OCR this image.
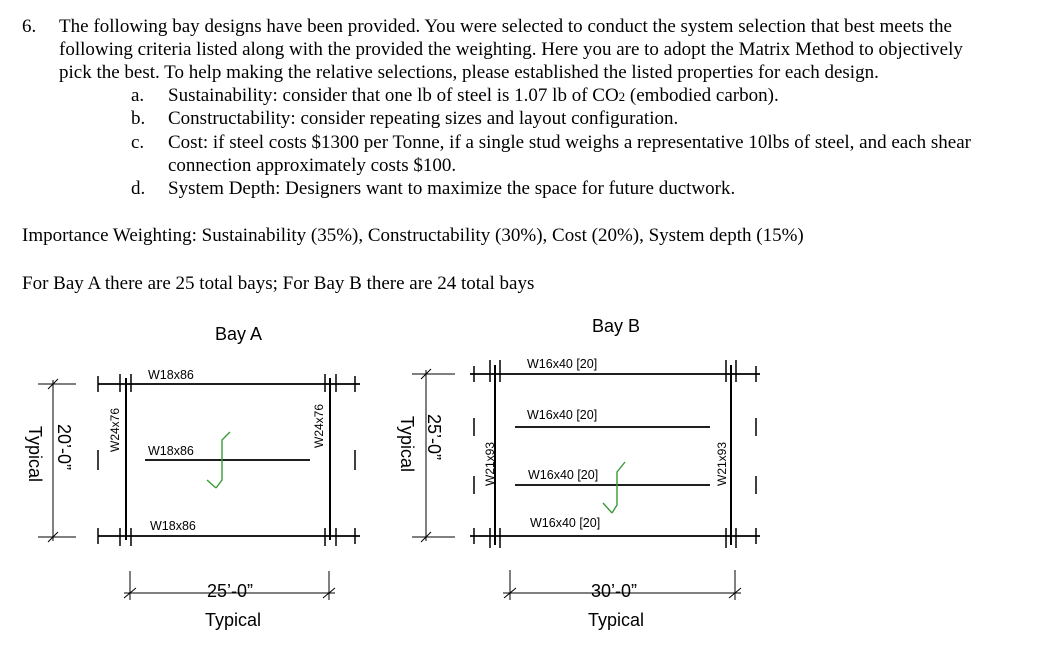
6. The following bay designs have been provided. You were selected to conduct the system selection that best meets the
following criteria listed along with the provided the weighting. Here you are to adopt the Matrix Method to objectively
pick the best. To help making the relative selections, please established the listed properties for each design.
a. Sustainability: consider that one lb of steel is 1.07 lb of CO2 (embodied carbon).
b. Constructability: consider repeating sizes and layout configuration.
c. Cost: if steel costs $1300 per Tonne, if a single stud weighs a representative 10lbs of steel, and each shear
connection approximately costs $100.
d. System Depth: Designers want to maximize the space for future ductwork.
Importance Weighting: Sustainability (35%), Constructability (30%), Cost (20%), System depth (15%)
For Bay A there are 25 total bays; For Bay B there are 24 total bays
Bay A
W18x86
W18x86
W18x86
W24x76	W24x76
25’-0”
Typical
20’-0”
Typical
Bay B
W16x40 [20]
W16x40 [20]
W16x40 [20]
W16x40 [20]
W21x93	W21x93
30’-0”
Typical
25’-0”
Typical
